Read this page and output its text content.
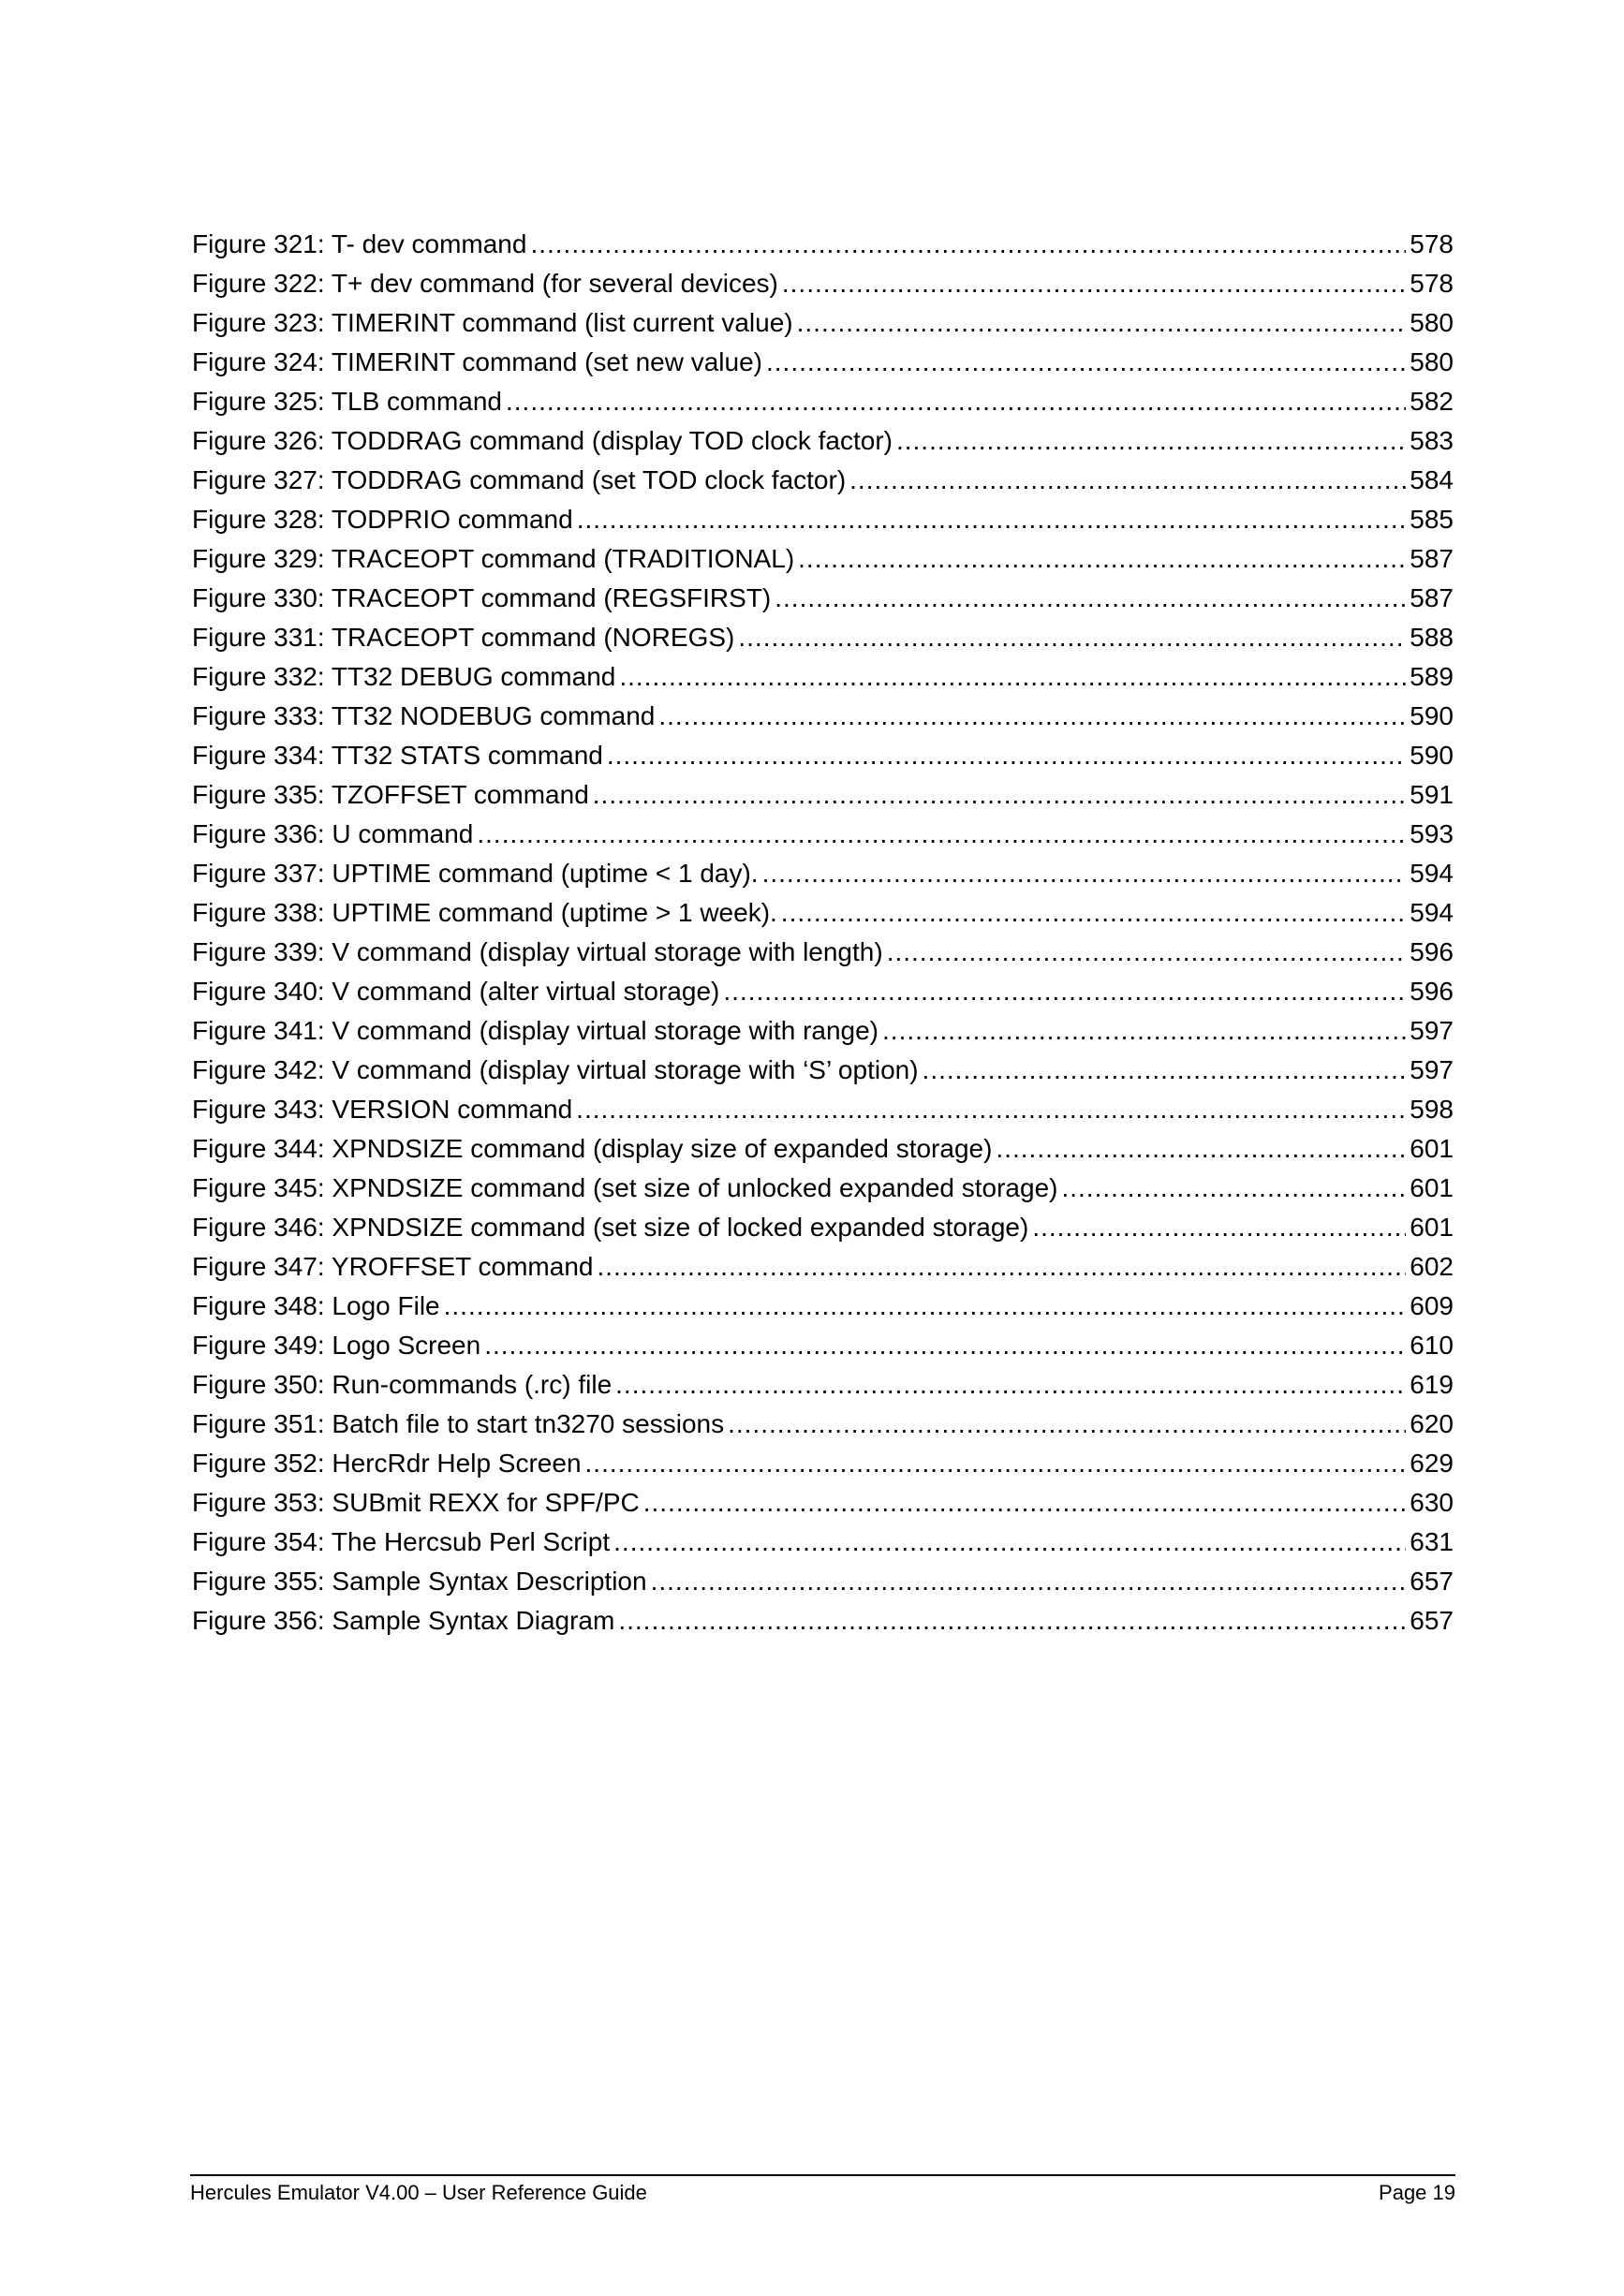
Figure 321: T- dev command .....	578
Figure 322: T+ dev command (for several devices) .....	578
Figure 323: TIMERINT command (list current value) .....	580
Figure 324: TIMERINT command (set new value) .....	580
Figure 325: TLB command .....	582
Figure 326: TODDRAG command (display TOD clock factor) .....	583
Figure 327: TODDRAG command (set TOD clock factor) .....	584
Figure 328: TODPRIO command .....	585
Figure 329: TRACEOPT command (TRADITIONAL) .....	587
Figure 330: TRACEOPT command (REGSFIRST) .....	587
Figure 331: TRACEOPT command (NOREGS) .....	588
Figure 332: TT32 DEBUG command .....	589
Figure 333: TT32 NODEBUG command .....	590
Figure 334: TT32 STATS command .....	590
Figure 335: TZOFFSET command .....	591
Figure 336: U command .....	593
Figure 337: UPTIME command (uptime < 1 day). .....	594
Figure 338: UPTIME command (uptime > 1 week). .....	594
Figure 339: V command (display virtual storage with length) .....	596
Figure 340: V command (alter virtual storage) .....	596
Figure 341: V command (display virtual storage with range) .....	597
Figure 342: V command (display virtual storage with ‘S’ option) .....	597
Figure 343: VERSION command .....	598
Figure 344: XPNDSIZE command (display size of expanded storage) .....	601
Figure 345: XPNDSIZE command (set size of unlocked expanded storage) .....	601
Figure 346: XPNDSIZE command (set size of locked expanded storage) .....	601
Figure 347: YROFFSET command .....	602
Figure 348: Logo File .....	609
Figure 349: Logo Screen .....	610
Figure 350: Run-commands (.rc) file .....	619
Figure 351: Batch file to start tn3270 sessions .....	620
Figure 352: HercRdr Help Screen .....	629
Figure 353: SUBmit REXX for SPF/PC .....	630
Figure 354: The Hercsub Perl Script .....	631
Figure 355: Sample Syntax Description .....	657
Figure 356: Sample Syntax Diagram .....	657
Hercules Emulator V4.00 – User Reference Guide	Page 19
